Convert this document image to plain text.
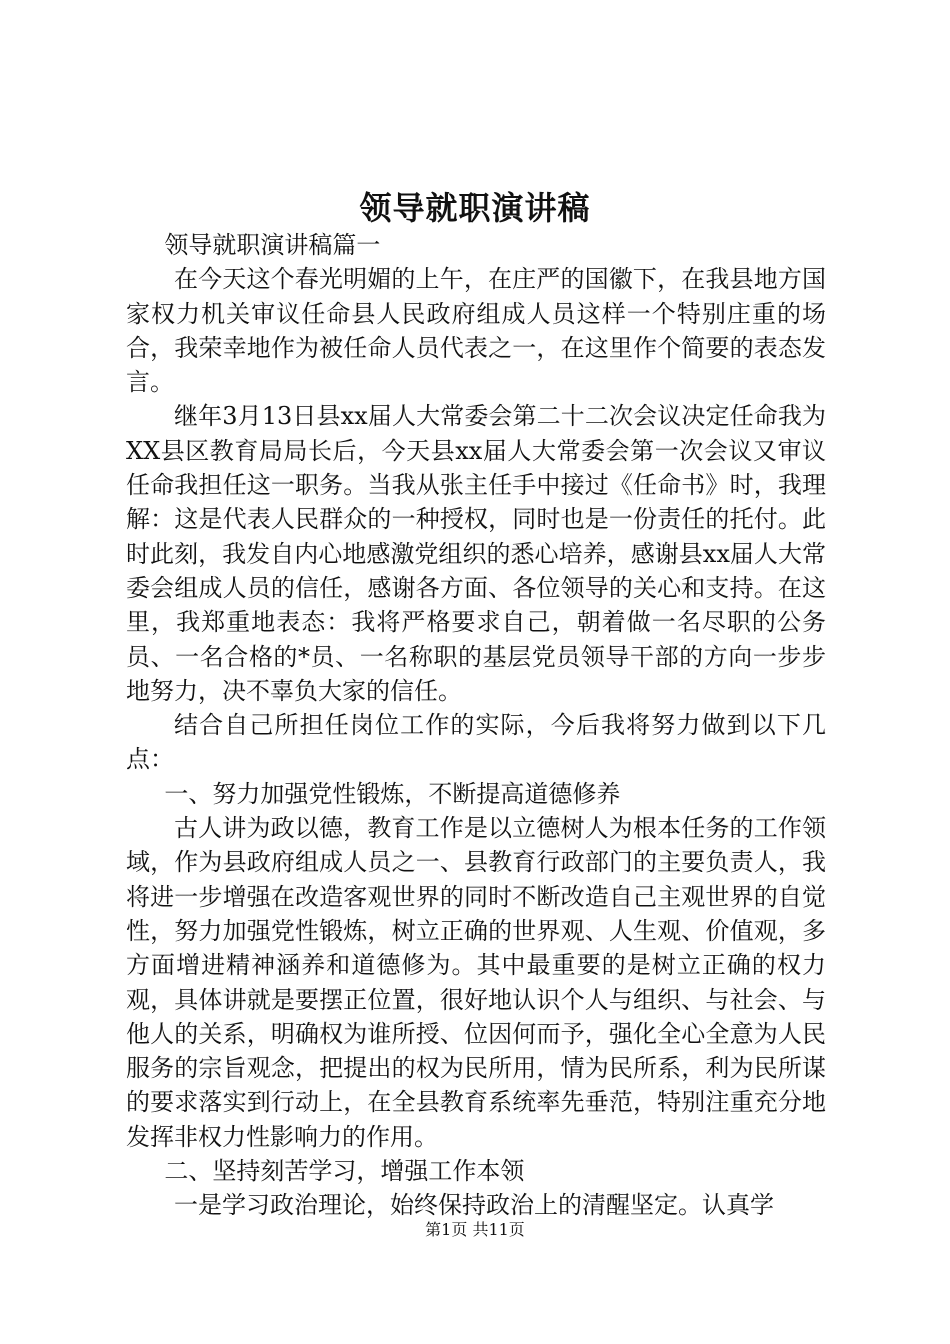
领导就职演讲稿

领导就职演讲稿篇一

在今天这个春光明媚的上午，在庄严的国徽下，在我县地方国家权力机关审议任命县人民政府组成人员这样一个特别庄重的场合，我荣幸地作为被任命人员代表之一，在这里作个简要的表态发言。

继年3月13日县xx届人大常委会第二十二次会议决定任命我为XX县区教育局局长后，今天县xx届人大常委会第一次会议又审议任命我担任这一职务。当我从张主任手中接过《任命书》时，我理解：这是代表人民群众的一种授权，同时也是一份责任的托付。此时此刻，我发自内心地感激党组织的悉心培养，感谢县xx届人大常委会组成人员的信任，感谢各方面、各位领导的关心和支持。在这里，我郑重地表态：我将严格要求自己，朝着做一名尽职的公务员、一名合格的*员、一名称职的基层党员领导干部的方向一步步地努力，决不辜负大家的信任。

结合自己所担任岗位工作的实际，今后我将努力做到以下几点：

一、努力加强党性锻炼，不断提高道德修养

古人讲为政以德，教育工作是以立德树人为根本任务的工作领域，作为县政府组成人员之一、县教育行政部门的主要负责人，我将进一步增强在改造客观世界的同时不断改造自己主观世界的自觉性，努力加强党性锻炼，树立正确的世界观、人生观、价值观，多方面增进精神涵养和道德修为。其中最重要的是树立正确的权力观，具体讲就是要摆正位置，很好地认识个人与组织、与社会、与他人的关系，明确权为谁所授、位因何而予，强化全心全意为人民服务的宗旨观念，把提出的权为民所用，情为民所系，利为民所谋的要求落实到行动上，在全县教育系统率先垂范，特别注重充分地发挥非权力性影响力的作用。

二、坚持刻苦学习，增强工作本领

一是学习政治理论，始终保持政治上的清醒坚定。认真学

第1页 共11页
